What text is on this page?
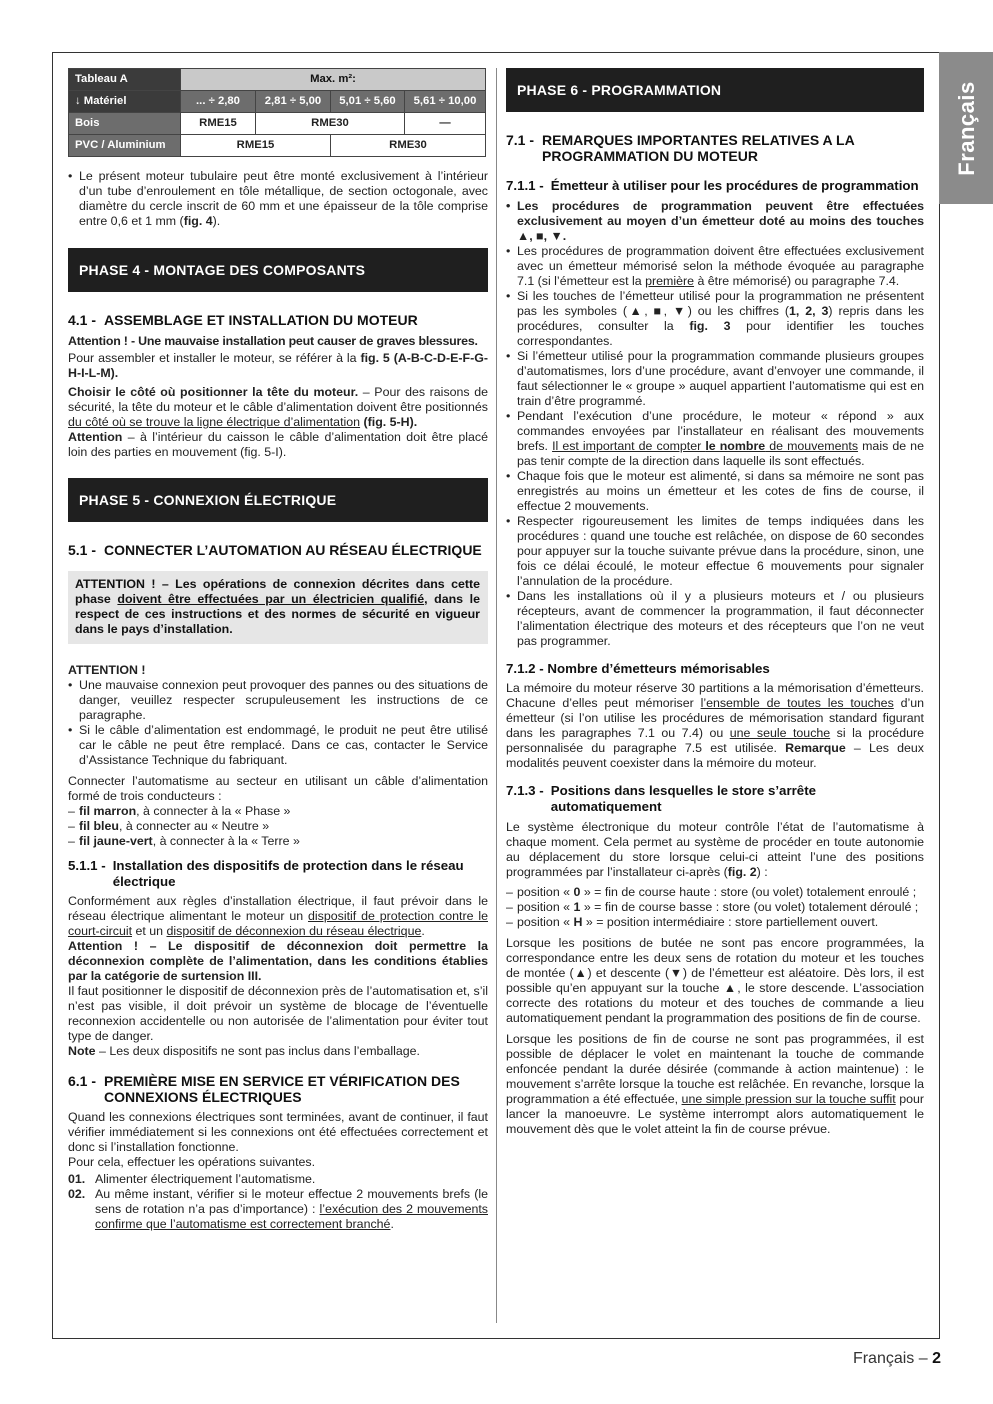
Français
Tableau A	Max. m²:			
↓ Matériel	... ÷ 2,80	2,81 ÷ 5,00	5,01 ÷ 5,60	5,61 ÷ 10,00
Bois	RME15	RME30		—
PVC / Aluminium	RME15		RME30	
• Le présent moteur tubulaire peut être monté exclusivement à l’intérieur d’un tube d’enroulement en tôle métallique, de section octogonale, avec diamètre du cercle inscrit de 60 mm et une épaisseur de la tôle comprise entre 0,6 et 1 mm (fig. 4).
PHASE 4 - MONTAGE DES COMPOSANTS
4.1 - ASSEMBLAGE ET INSTALLATION DU MOTEUR
Attention ! - Une mauvaise installation peut causer de graves blessures.
Pour assembler et installer le moteur, se référer à la fig. 5 (A-B-C-D-E-F-G-H-I-L-M).
Choisir le côté où positionner la tête du moteur. – Pour des raisons de sécurité, la tête du moteur et le câble d’alimentation doivent être positionnés du côté où se trouve la ligne électrique d’alimentation (fig. 5-H).
Attention – à l’intérieur du caisson le câble d’alimentation doit être placé loin des parties en mouvement (fig. 5-I).
PHASE 5 - CONNEXION ÉLECTRIQUE
5.1 - CONNECTER L’AUTOMATION AU RÉSEAU ÉLECTRIQUE
ATTENTION ! – Les opérations de connexion décrites dans cette phase doivent être effectuées par un électricien qualifié, dans le respect de ces instructions et des normes de sécurité en vigueur dans le pays d’installation.
ATTENTION !
• Une mauvaise connexion peut provoquer des pannes ou des situations de danger, veuillez respecter scrupuleusement les instructions de ce paragraphe.
• Si le câble d’alimentation est endommagé, le produit ne peut être utilisé car le câble ne peut être remplacé. Dans ce cas, contacter le Service d’Assistance Technique du fabriquant.
Connecter l’automatisme au secteur en utilisant un câble d’alimentation formé de trois conducteurs :
– fil marron, à connecter à la « Phase »
– fil bleu, à connecter au « Neutre »
– fil jaune-vert, à connecter à la « Terre »
5.1.1 - Installation des dispositifs de protection dans le réseau électrique
Conformément aux règles d’installation électrique, il faut prévoir dans le réseau électrique alimentant le moteur un dispositif de protection contre le court-circuit et un dispositif de déconnexion du réseau électrique.
Attention ! – Le dispositif de déconnexion doit permettre la déconnexion complète de l’alimentation, dans les conditions établies par la catégorie de surtension III.
Il faut positionner le dispositif de déconnexion près de l’automatisation et, s’il n’est pas visible, il doit prévoir un système de blocage de l’éventuelle reconnexion accidentelle ou non autorisée de l’alimentation pour éviter tout type de danger.
Note – Les deux dispositifs ne sont pas inclus dans l’emballage.
6.1 - PREMIÈRE MISE EN SERVICE ET VÉRIFICATION DES CONNEXIONS ÉLECTRIQUES
Quand les connexions électriques sont terminées, avant de continuer, il faut vérifier immédiatement si les connexions ont été effectuées correctement et donc si l’installation fonctionne.
Pour cela, effectuer les opérations suivantes.
01. Alimenter électriquement l’automatisme.
02. Au même instant, vérifier si le moteur effectue 2 mouvements brefs (le sens de rotation n’a pas d’importance) : l’exécution des 2 mouvements confirme que l’automatisme est correctement branché.
PHASE 6 - PROGRAMMATION
7.1 - REMARQUES IMPORTANTES RELATIVES A LA PROGRAMMATION DU MOTEUR
7.1.1 - Émetteur à utiliser pour les procédures de programmation
• Les procédures de programmation peuvent être effectuées exclusivement au moyen d’un émetteur doté au moins des touches ▲, ■, ▼.
• Les procédures de programmation doivent être effectuées exclusivement avec un émetteur mémorisé selon la méthode évoquée au paragraphe 7.1 (si l’émetteur est la première à être mémorisé) ou paragraphe 7.4.
• Si les touches de l’émetteur utilisé pour la programmation ne présentent pas les symboles (▲, ■, ▼) ou les chiffres (1, 2, 3) repris dans les procédures, consulter la fig. 3 pour identifier les touches correspondantes.
• Si l’émetteur utilisé pour la programmation commande plusieurs groupes d’automatismes, lors d’une procédure, avant d’envoyer une commande, il faut sélectionner le « groupe » auquel appartient l’automatisme qui est en train d’être programmé.
• Pendant l’exécution d’une procédure, le moteur « répond » aux commandes envoyées par l’installateur en réalisant des mouvements brefs. Il est important de compter le nombre de mouvements mais de ne pas tenir compte de la direction dans laquelle ils sont effectués.
• Chaque fois que le moteur est alimenté, si dans sa mémoire ne sont pas enregistrés au moins un émetteur et les cotes de fins de course, il effectue 2 mouvements.
• Respecter rigoureusement les limites de temps indiquées dans les procédures : quand une touche est relâchée, on dispose de 60 secondes pour appuyer sur la touche suivante prévue dans la procédure, sinon, une fois ce délai écoulé, le moteur effectue 6 mouvements pour signaler l’annulation de la procédure.
• Dans les installations où il y a plusieurs moteurs et / ou plusieurs récepteurs, avant de commencer la programmation, il faut déconnecter l’alimentation électrique des moteurs et des récepteurs que l’on ne veut pas programmer.
7.1.2 - Nombre d’émetteurs mémorisables
La mémoire du moteur réserve 30 partitions a la mémorisation d’émetteurs. Chacune d’elles peut mémoriser l’ensemble de toutes les touches d’un émetteur (si l’on utilise les procédures de mémorisation standard figurant dans les paragraphes 7.1 ou 7.4) ou une seule touche si la procédure personnalisée du paragraphe 7.5 est utilisée. Remarque – Les deux modalités peuvent coexister dans la mémoire du moteur.
7.1.3 - Positions dans lesquelles le store s’arrête automatiquement
Le système électronique du moteur contrôle l’état de l’automatisme à chaque moment. Cela permet au système de procéder en toute autonomie au déplacement du store lorsque celui-ci atteint l’une des positions programmées par l’installateur ci-après (fig. 2) :
– position « 0 » = fin de course haute : store (ou volet) totalement enroulé ;
– position « 1 » = fin de course basse : store (ou volet) totalement déroulé ;
– position « H » = position intermédiaire : store partiellement ouvert.
Lorsque les positions de butée ne sont pas encore programmées, la correspondance entre les deux sens de rotation du moteur et les touches de montée (▲) et descente (▼) de l’émetteur est aléatoire. Dès lors, il est possible qu’en appuyant sur la touche ▲, le store descende. L’association correcte des rotations du moteur et des touches de commande a lieu automatiquement pendant la programmation des positions de fin de course.
Lorsque les positions de fin de course ne sont pas programmées, il est possible de déplacer le volet en maintenant la touche de commande enfoncée pendant la durée désirée (commande à action maintenue) : le mouvement s’arrête lorsque la touche est relâchée. En revanche, lorsque la programmation a été effectuée, une simple pression sur la touche suffit pour lancer la manoeuvre. Le système interrompt alors automatiquement le mouvement dès que le volet atteint la fin de course prévue.
Français – 2
